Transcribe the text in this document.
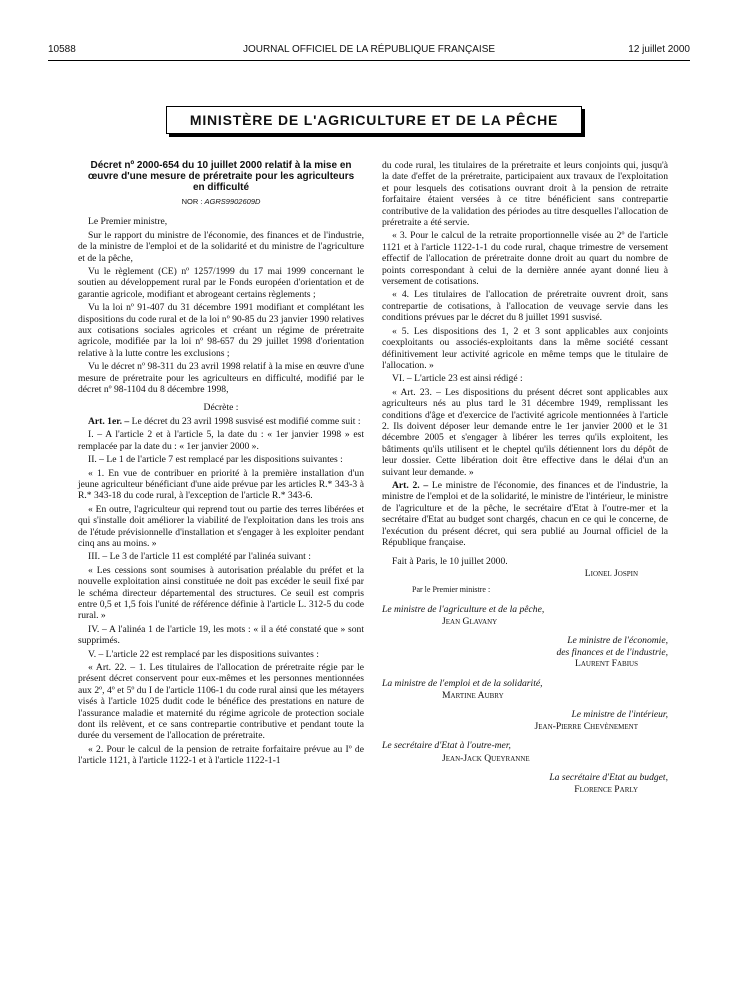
10588	JOURNAL OFFICIEL DE LA RÉPUBLIQUE FRANÇAISE	12 juillet 2000
MINISTÈRE DE L'AGRICULTURE ET DE LA PÊCHE
Décret nº 2000-654 du 10 juillet 2000 relatif à la mise en œuvre d'une mesure de préretraite pour les agriculteurs en difficulté
NOR : AGRS9902609D

Le Premier ministre,

Sur le rapport du ministre de l'économie, des finances et de l'industrie, de la ministre de l'emploi et de la solidarité et du ministre de l'agriculture et de la pêche,

Vu le règlement (CE) nº 1257/1999 du 17 mai 1999 concernant le soutien au développement rural par le Fonds européen d'orientation et de garantie agricole, modifiant et abrogeant certains règlements ;

Vu la loi nº 91-407 du 31 décembre 1991 modifiant et complétant les dispositions du code rural et de la loi nº 90-85 du 23 janvier 1990 relatives aux cotisations sociales agricoles et créant un régime de préretraite agricole, modifiée par la loi nº 98-657 du 29 juillet 1998 d'orientation relative à la lutte contre les exclusions ;

Vu le décret nº 98-311 du 23 avril 1998 relatif à la mise en œuvre d'une mesure de préretraite pour les agriculteurs en difficulté, modifié par le décret nº 98-1104 du 8 décembre 1998,

Décrète :

Art. 1er. – Le décret du 23 avril 1998 susvisé est modifié comme suit :

I. – A l'article 2 et à l'article 5, la date du : « 1er janvier 1998 » est remplacée par la date du : « 1er janvier 2000 ».

II. – Le 1 de l'article 7 est remplacé par les dispositions suivantes :

« 1. En vue de contribuer en priorité à la première installation d'un jeune agriculteur bénéficiant d'une aide prévue par les articles R.* 343-3 à R.* 343-18 du code rural, à l'exception de l'article R.* 343-6.

« En outre, l'agriculteur qui reprend tout ou partie des terres libérées et qui s'installe doit améliorer la viabilité de l'exploitation dans les trois ans de l'étude prévisionnelle d'installation et s'engager à les exploiter pendant cinq ans au moins. »

III. – Le 3 de l'article 11 est complété par l'alinéa suivant :

« Les cessions sont soumises à autorisation préalable du préfet et la nouvelle exploitation ainsi constituée ne doit pas excéder le seuil fixé par le schéma directeur départemental des structures. Ce seuil est compris entre 0,5 et 1,5 fois l'unité de référence définie à l'article L. 312-5 du code rural. »

IV. – A l'alinéa 1 de l'article 19, les mots : « il a été constaté que » sont supprimés.

V. – L'article 22 est remplacé par les dispositions suivantes :

« Art. 22. – 1. Les titulaires de l'allocation de préretraite régie par le présent décret conservent pour eux-mêmes et les personnes mentionnées aux 2º, 4º et 5º du I de l'article 1106-1 du code rural ainsi que les métayers visés à l'article 1025 dudit code le bénéfice des prestations en nature de l'assurance maladie et maternité du régime agricole de protection sociale dont ils relèvent, et ce sans contrepartie contributive et pendant toute la durée du versement de l'allocation de préretraite.

« 2. Pour le calcul de la pension de retraite forfaitaire prévue au Iº de l'article 1121, à l'article 1122-1 et à l'article 1122-1-1

du code rural, les titulaires de la préretraite et leurs conjoints qui, jusqu'à la date d'effet de la préretraite, participaient aux travaux de l'exploitation et pour lesquels des cotisations ouvrant droit à la pension de retraite forfaitaire étaient versées à ce titre bénéficient sans contrepartie contributive de la validation des périodes au titre desquelles l'allocation de préretraite a été servie.

« 3. Pour le calcul de la retraite proportionnelle visée au 2º de l'article 1121 et à l'article 1122-1-1 du code rural, chaque trimestre de versement effectif de l'allocation de préretraite donne droit au quart du nombre de points correspondant à celui de la dernière année ayant donné lieu à versement de cotisations.

« 4. Les titulaires de l'allocation de préretraite ouvrent droit, sans contrepartie de cotisations, à l'allocation de veuvage servie dans les conditions prévues par le décret du 8 juillet 1991 susvisé.

« 5. Les dispositions des 1, 2 et 3 sont applicables aux conjoints coexploitants ou associés-exploitants dans la même société cessant définitivement leur activité agricole en même temps que le titulaire de l'allocation. »

VI. – L'article 23 est ainsi rédigé :

« Art. 23. – Les dispositions du présent décret sont applicables aux agriculteurs nés au plus tard le 31 décembre 1949, remplissant les conditions d'âge et d'exercice de l'activité agricole mentionnées à l'article 2. Ils doivent déposer leur demande entre le 1er janvier 2000 et le 31 décembre 2005 et s'engager à libérer les terres qu'ils exploitent, les bâtiments qu'ils utilisent et le cheptel qu'ils détiennent lors du dépôt de leur dossier. Cette libération doit être effective dans le délai d'un an suivant leur demande. »

Art. 2. – Le ministre de l'économie, des finances et de l'industrie, la ministre de l'emploi et de la solidarité, le ministre de l'intérieur, le ministre de l'agriculture et de la pêche, le secrétaire d'Etat à l'outre-mer et la secrétaire d'Etat au budget sont chargés, chacun en ce qui le concerne, de l'exécution du présent décret, qui sera publié au Journal officiel de la République française.

Fait à Paris, le 10 juillet 2000.

Lionel Jospin

Par le Premier ministre :

Le ministre de l'agriculture et de la pêche,

Jean Glavany

Le ministre de l'économie,

des finances et de l'industrie,

Laurent Fabius

La ministre de l'emploi et de la solidarité,

Martine Aubry

Le ministre de l'intérieur,

Jean-Pierre Chevènement

Le secrétaire d'Etat à l'outre-mer,

Jean-Jack Queyranne

La secrétaire d'Etat au budget,

Florence Parly
